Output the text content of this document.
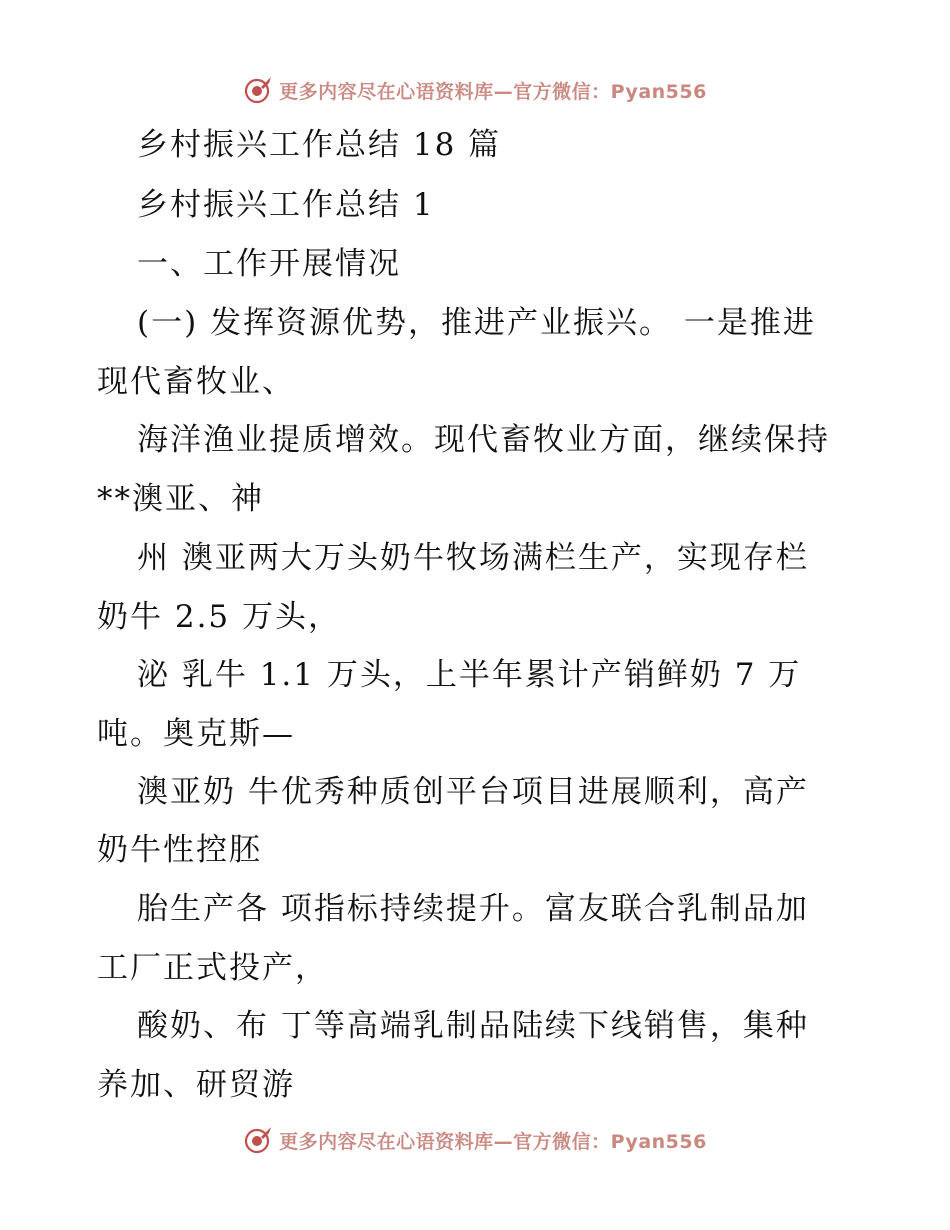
更多内容尽在心语资料库—官方微信：Pyan556
乡村振兴工作总结 18 篇
乡村振兴工作总结 1
一、工作开展情况
(一) 发挥资源优势，推进产业振兴。 一是推进
现代畜牧业、
海洋渔业提质增效。现代畜牧业方面，继续保持
**澳亚、神
州 澳亚两大万头奶牛牧场满栏生产，实现存栏
奶牛 2.5 万头，
泌 乳牛 1.1 万头，上半年累计产销鲜奶 7 万
吨。奥克斯—
澳亚奶 牛优秀种质创平台项目进展顺利，高产
奶牛性控胚
胎生产各 项指标持续提升。富友联合乳制品加
工厂正式投产，
酸奶、布 丁等高端乳制品陆续下线销售，集种
养加、研贸游
更多内容尽在心语资料库—官方微信：Pyan556
